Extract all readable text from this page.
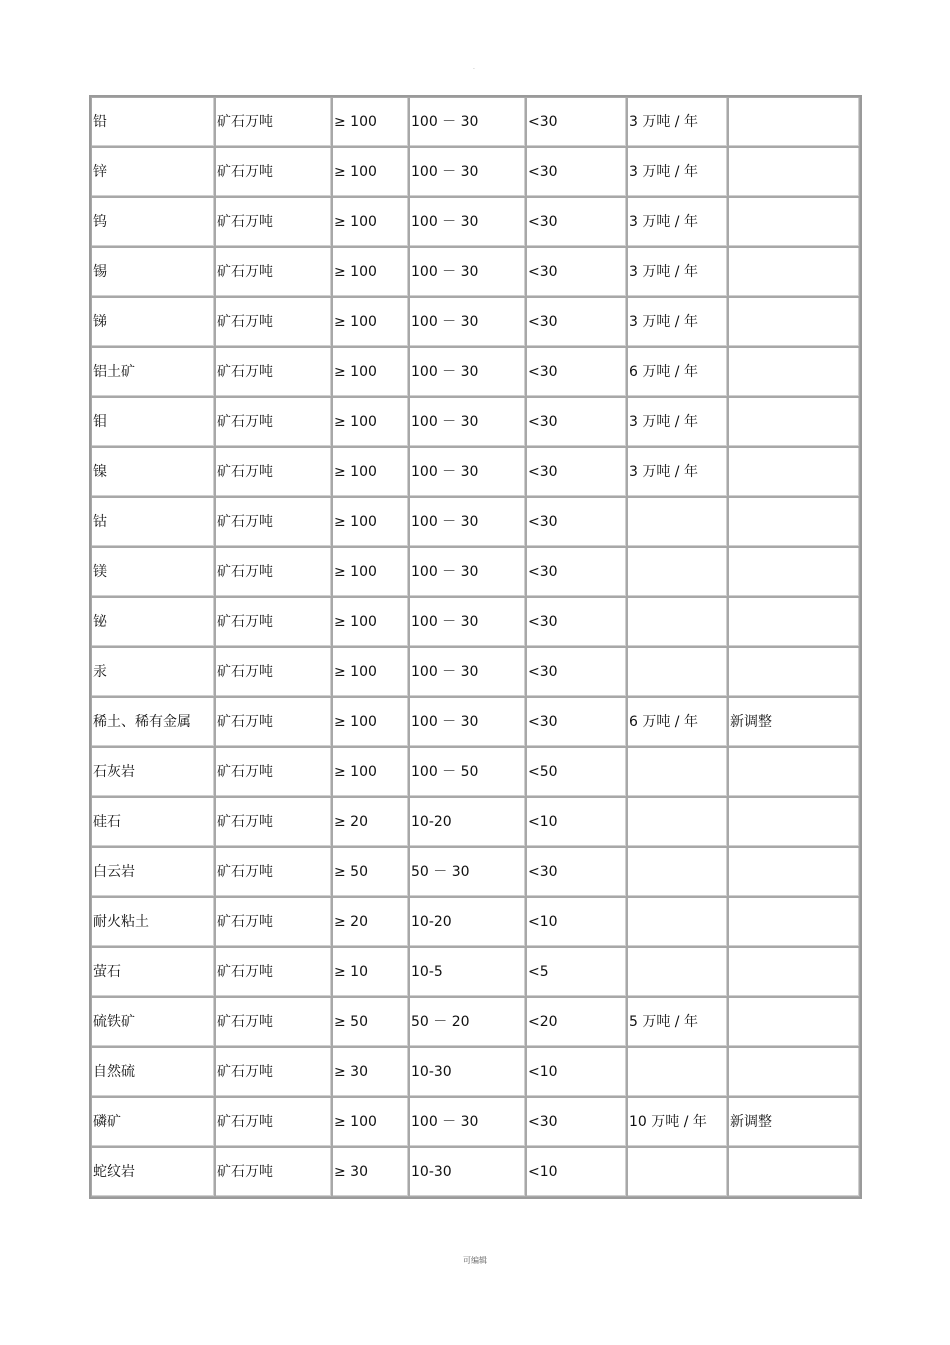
·
铅	矿石万吨	≥ 100	100 － 30	<30	3 万吨 / 年	
锌	矿石万吨	≥ 100	100 － 30	<30	3 万吨 / 年	
钨	矿石万吨	≥ 100	100 － 30	<30	3 万吨 / 年	
锡	矿石万吨	≥ 100	100 － 30	<30	3 万吨 / 年	
锑	矿石万吨	≥ 100	100 － 30	<30	3 万吨 / 年	
铝土矿	矿石万吨	≥ 100	100 － 30	<30	6 万吨 / 年	
钼	矿石万吨	≥ 100	100 － 30	<30	3 万吨 / 年	
镍	矿石万吨	≥ 100	100 － 30	<30	3 万吨 / 年	
钴	矿石万吨	≥ 100	100 － 30	<30		
镁	矿石万吨	≥ 100	100 － 30	<30		
铋	矿石万吨	≥ 100	100 － 30	<30		
汞	矿石万吨	≥ 100	100 － 30	<30		
稀土、稀有金属	矿石万吨	≥ 100	100 － 30	<30	6 万吨 / 年	新调整
石灰岩	矿石万吨	≥ 100	100 － 50	<50		
硅石	矿石万吨	≥ 20	10-20	<10		
白云岩	矿石万吨	≥ 50	50 － 30	<30		
耐火粘土	矿石万吨	≥ 20	10-20	<10		
萤石	矿石万吨	≥ 10	10-5	<5		
硫铁矿	矿石万吨	≥ 50	50 － 20	<20	5 万吨 / 年	
自然硫	矿石万吨	≥ 30	10-30	<10		
磷矿	矿石万吨	≥ 100	100 － 30	<30	10 万吨 / 年	新调整
蛇纹岩	矿石万吨	≥ 30	10-30	<10		
可编辑
